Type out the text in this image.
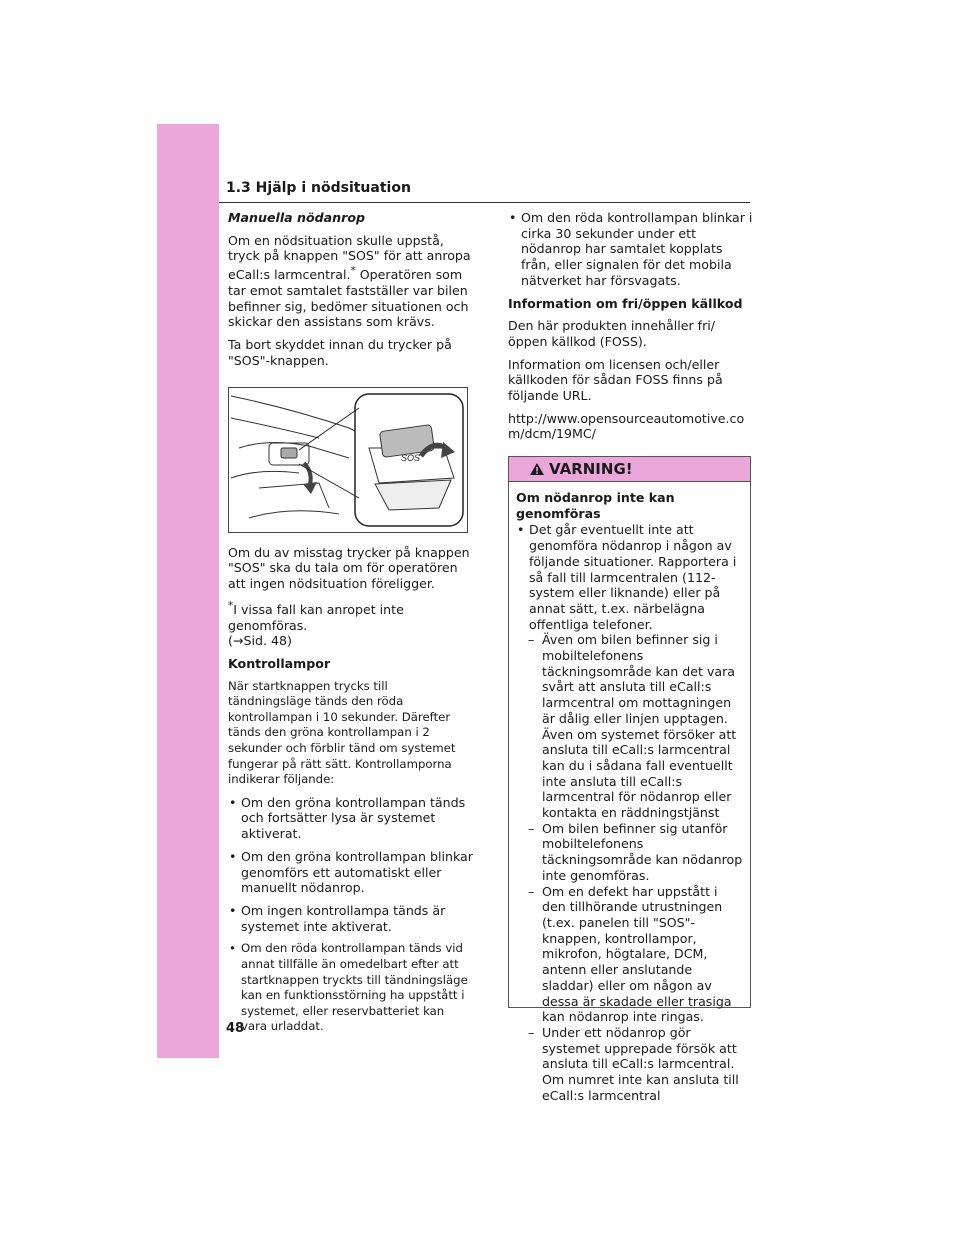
1.3 Hjälp i nödsituation

Manuella nödanrop

Om en nödsituation skulle uppstå, tryck på knappen "SOS" för att anropa eCall:s larmcentral.* Operatören som tar emot samtalet fastställer var bilen befinner sig, bedömer situationen och skickar den assistans som krävs.

Ta bort skyddet innan du trycker på "SOS"-knappen.

SOS

Om du av misstag trycker på knappen "SOS" ska du tala om för operatören att ingen nödsituation föreligger.

*I vissa fall kan anropet inte genomföras.
(→Sid. 48)

Kontrollampor

När startknappen trycks till tändningsläge tänds den röda kontrollampan i 10 sekunder. Därefter tänds den gröna kontrollampan i 2 sekunder och förblir tänd om systemet fungerar på rätt sätt. Kontrollamporna indikerar följande:

• Om den gröna kontrollampan tänds och fortsätter lysa är systemet aktiverat.

• Om den gröna kontrollampan blinkar genomförs ett automatiskt eller manuellt nödanrop.

• Om ingen kontrollampa tänds är systemet inte aktiverat.

• Om den röda kontrollampan tänds vid annat tillfälle än omedelbart efter att startknappen tryckts till tändningsläge kan en funktionsstörning ha uppstått i systemet, eller reservbatteriet kan vara urladdat.

• Om den röda kontrollampan blinkar i cirka 30 sekunder under ett nödanrop har samtalet kopplats från, eller signalen för det mobila nätverket har försvagats.

Information om fri/öppen källkod

Den här produkten innehåller fri/öppen källkod (FOSS).

Information om licensen och/eller källkoden för sådan FOSS finns på följande URL.

http://www.opensourceautomotive.com/dcm/19MC/

VARNING!

Om nödanrop inte kan genomföras

• Det går eventuellt inte att genomföra nödanrop i någon av följande situationer. Rapportera i så fall till larmcentralen (112-system eller liknande) eller på annat sätt, t.ex. närbelägna offentliga telefoner.

– Även om bilen befinner sig i mobiltelefonens täckningsområde kan det vara svårt att ansluta till eCall:s larmcentral om mottagningen är dålig eller linjen upptagen. Även om systemet försöker att ansluta till eCall:s larmcentral kan du i sådana fall eventuellt inte ansluta till eCall:s larmcentral för nödanrop eller kontakta en räddningstjänst

– Om bilen befinner sig utanför mobiltelefonens täckningsområde kan nödanrop inte genomföras.

– Om en defekt har uppstått i den tillhörande utrustningen (t.ex. panelen till "SOS"-knappen, kontrollampor, mikrofon, högtalare, DCM, antenn eller anslutande sladdar) eller om någon av dessa är skadade eller trasiga kan nödanrop inte ringas.

– Under ett nödanrop gör systemet upprepade försök att ansluta till eCall:s larmcentral. Om numret inte kan ansluta till eCall:s larmcentral

48
